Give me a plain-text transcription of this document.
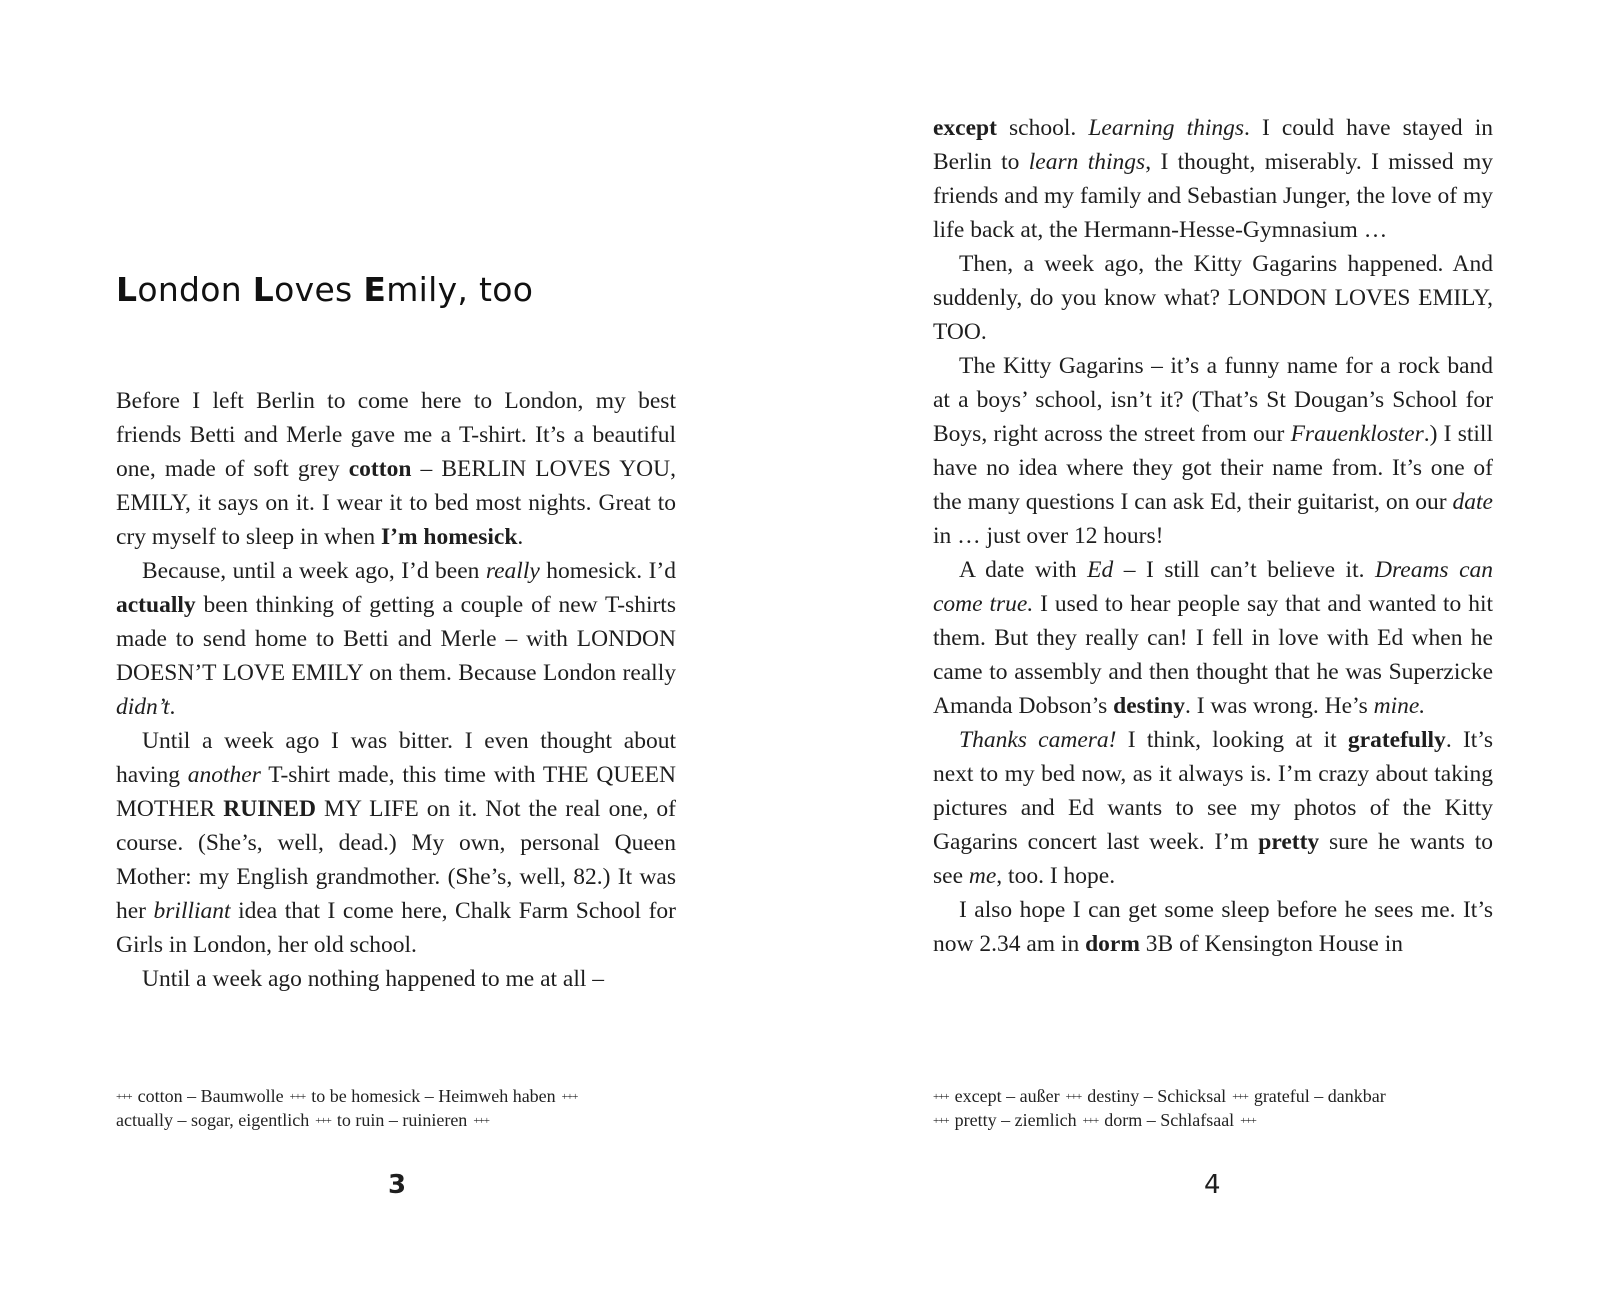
London Loves Emily, too

Before I left Berlin to come here to London, my best friends Betti and Merle gave me a T-shirt. It’s a beautiful one, made of soft grey cotton – BERLIN LOVES YOU, EMILY, it says on it. I wear it to bed most nights. Great to cry myself to sleep in when I’m homesick.

Because, until a week ago, I’d been really homesick. I’d actually been thinking of getting a couple of new T-shirts made to send home to Betti and Merle – with LONDON DOESN’T LOVE EMILY on them. Because London really didn’t.

Until a week ago I was bitter. I even thought about having another T-shirt made, this time with THE QUEEN MOTHER RUINED MY LIFE on it. Not the real one, of course. (She’s, well, dead.) My own, personal Queen Mother: my English grandmother. (She’s, well, 82.) It was her brilliant idea that I come here, Chalk Farm School for Girls in London, her old school.

Until a week ago nothing happened to me at all –

+++ cotton – Baumwolle +++ to be homesick – Heimweh haben +++
actually – sogar, eigentlich +++ to ruin – ruinieren +++
3

except school. Learning things. I could have stayed in Berlin to learn things, I thought, miserably. I missed my friends and my family and Sebastian Junger, the love of my life back at, the Hermann-Hesse-Gymnasium …

Then, a week ago, the Kitty Gagarins happened. And suddenly, do you know what? LONDON LOVES EMILY, TOO.

The Kitty Gagarins – it’s a funny name for a rock band at a boys’ school, isn’t it? (That’s St Dougan’s School for Boys, right across the street from our Frauenkloster.) I still have no idea where they got their name from. It’s one of the many questions I can ask Ed, their guitarist, on our date in … just over 12 hours!

A date with Ed – I still can’t believe it. Dreams can come true. I used to hear people say that and wanted to hit them. But they really can! I fell in love with Ed when he came to assembly and then thought that he was Superzicke Amanda Dobson’s destiny. I was wrong. He’s mine.

Thanks camera! I think, looking at it gratefully. It’s next to my bed now, as it always is. I’m crazy about taking pictures and Ed wants to see my photos of the Kitty Gagarins concert last week. I’m pretty sure he wants to see me, too. I hope.

I also hope I can get some sleep before he sees me. It’s now 2.34 am in dorm 3B of Kensington House in

+++ except – außer +++ destiny – Schicksal +++ grateful – dankbar
+++ pretty – ziemlich +++ dorm – Schlafsaal +++
4
